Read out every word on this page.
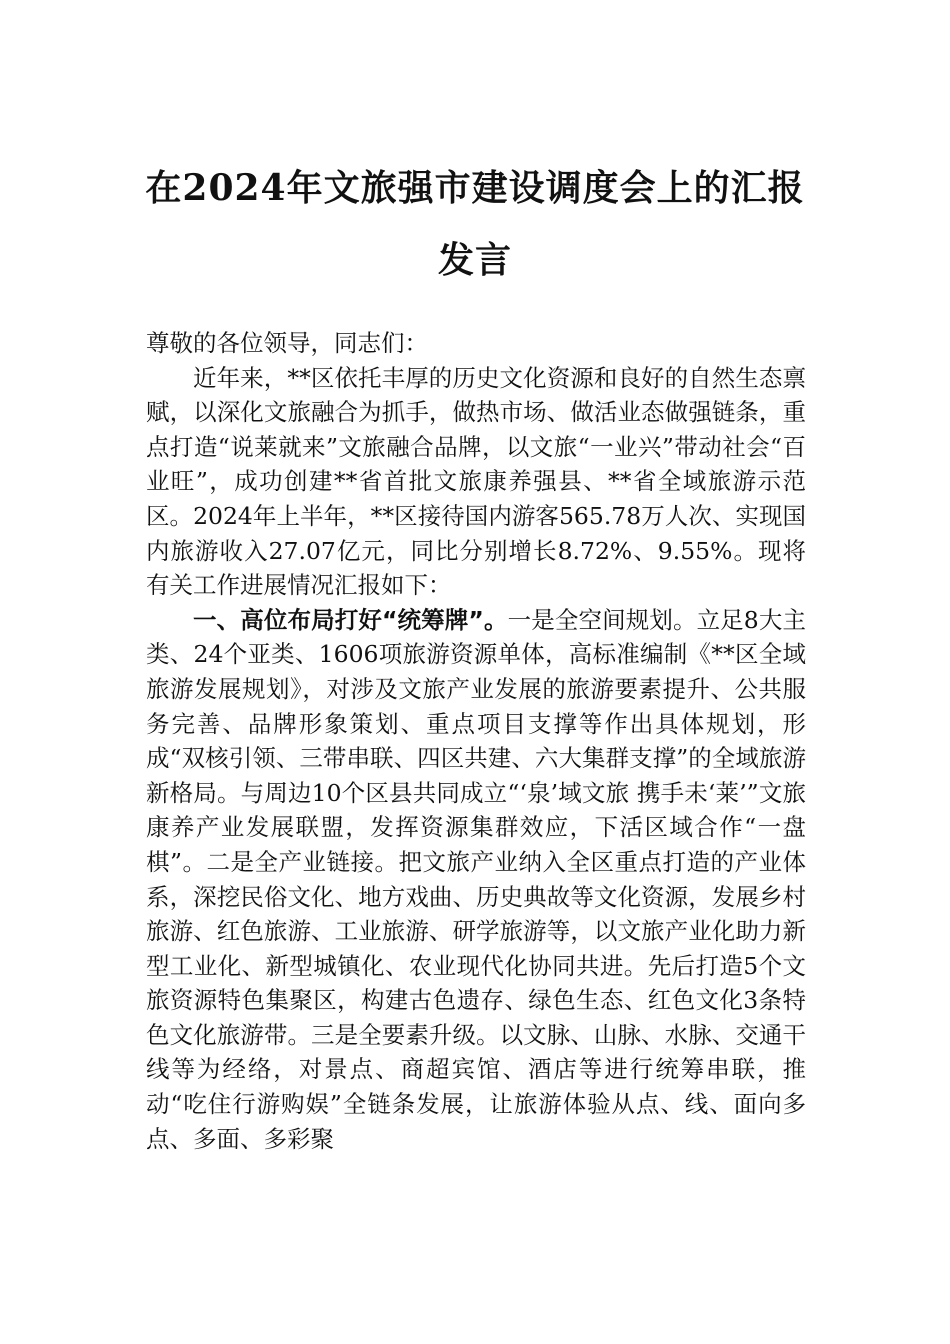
在2024年文旅强市建设调度会上的汇报发言

尊敬的各位领导，同志们：

近年来，**区依托丰厚的历史文化资源和良好的自然生态禀赋，以深化文旅融合为抓手，做热市场、做活业态做强链条，重点打造“说莱就来”文旅融合品牌，以文旅“一业兴”带动社会“百业旺”，成功创建**省首批文旅康养强县、**省全域旅游示范区。2024年上半年，**区接待国内游客565.78万人次、实现国内旅游收入27.07亿元，同比分别增长8.72%、9.55%。现将有关工作进展情况汇报如下：

一、高位布局打好“统筹牌”。一是全空间规划。立足8大主类、24个亚类、1606项旅游资源单体，高标准编制《**区全域旅游发展规划》，对涉及文旅产业发展的旅游要素提升、公共服务完善、品牌形象策划、重点项目支撑等作出具体规划，形成“双核引领、三带串联、四区共建、六大集群支撑”的全域旅游新格局。与周边10个区县共同成立“‘泉’域文旅 携手未‘莱’”文旅康养产业发展联盟，发挥资源集群效应，下活区域合作“一盘棋”。二是全产业链接。把文旅产业纳入全区重点打造的产业体系，深挖民俗文化、地方戏曲、历史典故等文化资源，发展乡村旅游、红色旅游、工业旅游、研学旅游等，以文旅产业化助力新型工业化、新型城镇化、农业现代化协同共进。先后打造5个文旅资源特色集聚区，构建古色遗存、绿色生态、红色文化3条特色文化旅游带。三是全要素升级。以文脉、山脉、水脉、交通干线等为经络，对景点、商超宾馆、酒店等进行统筹串联，推动“吃住行游购娱”全链条发展，让旅游体验从点、线、面向多点、多面、多彩聚
